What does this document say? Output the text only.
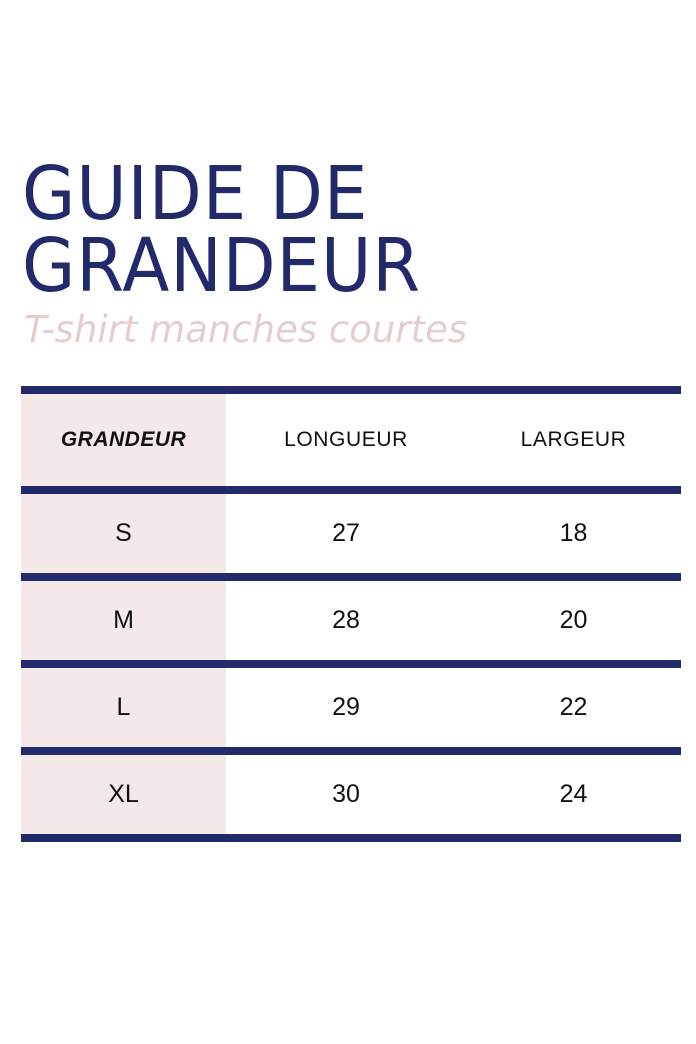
GUIDE DE
GRANDEUR

T-shirt manches courtes

GRANDEUR	LONGUEUR	LARGEUR
S	27	18
M	28	20
L	29	22
XL	30	24
